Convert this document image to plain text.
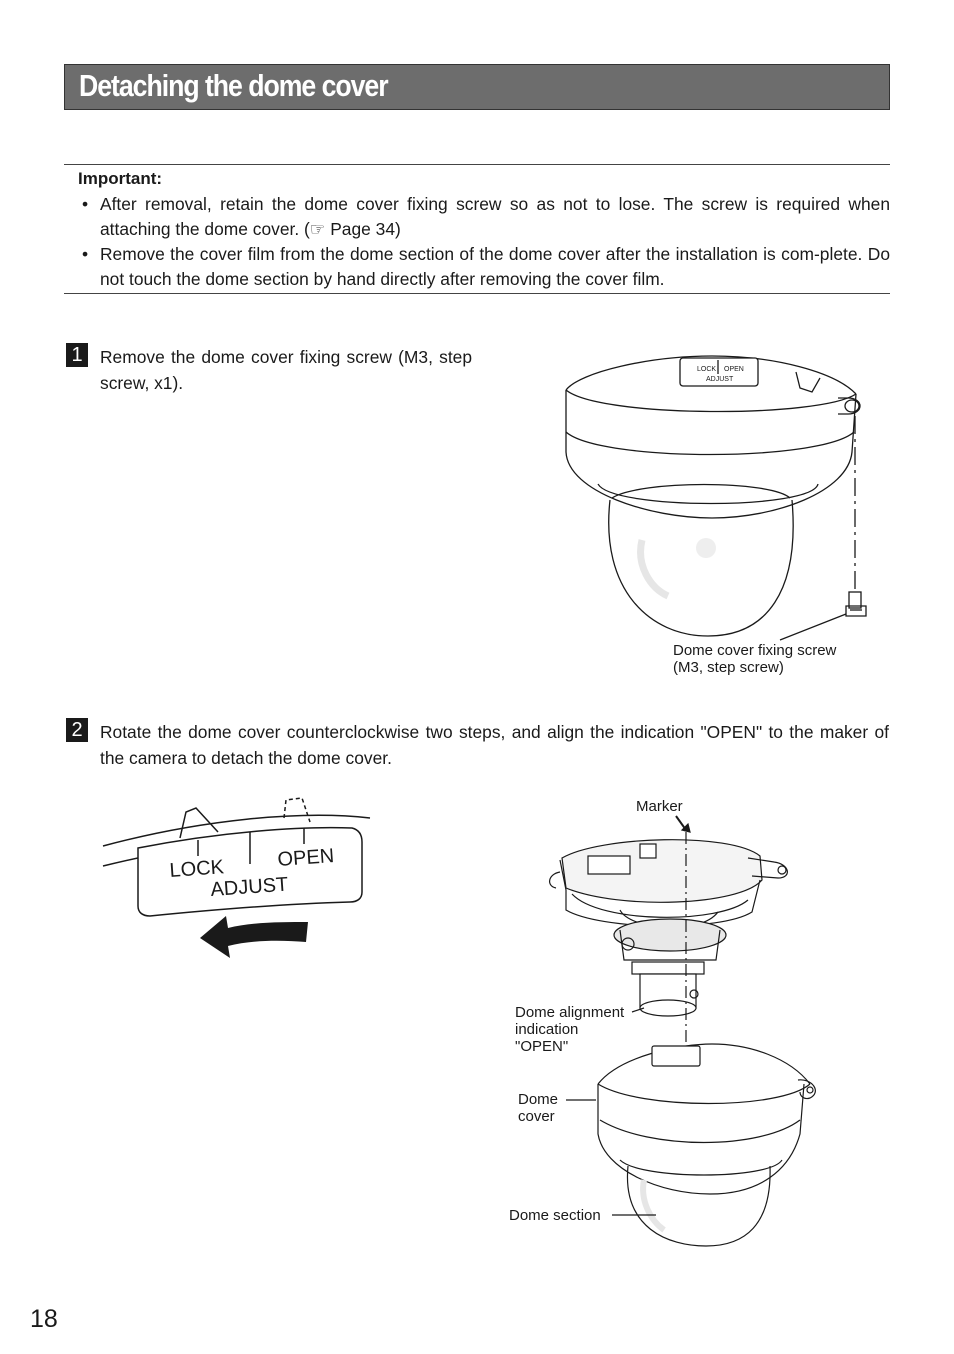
Detaching the dome cover
Important:
• After removal, retain the dome cover fixing screw so as not to lose. The screw is required when attaching the dome cover. (☞ Page 34)
• Remove the cover film from the dome section of the dome cover after the installation is com-plete. Do not touch the dome section by hand directly after removing the cover film.
1	Remove the dome cover fixing screw (M3, step screw, x1).
LOCK OPEN
ADJUST
Dome cover fixing screw
(M3, step screw)
2	Rotate the dome cover counterclockwise two steps, and align the indication "OPEN" to the maker of the camera to detach the dome cover.
LOCK	OPEN
ADJUST
Marker
Dome alignment
indication
"OPEN"
Dome
cover
Dome section
18
